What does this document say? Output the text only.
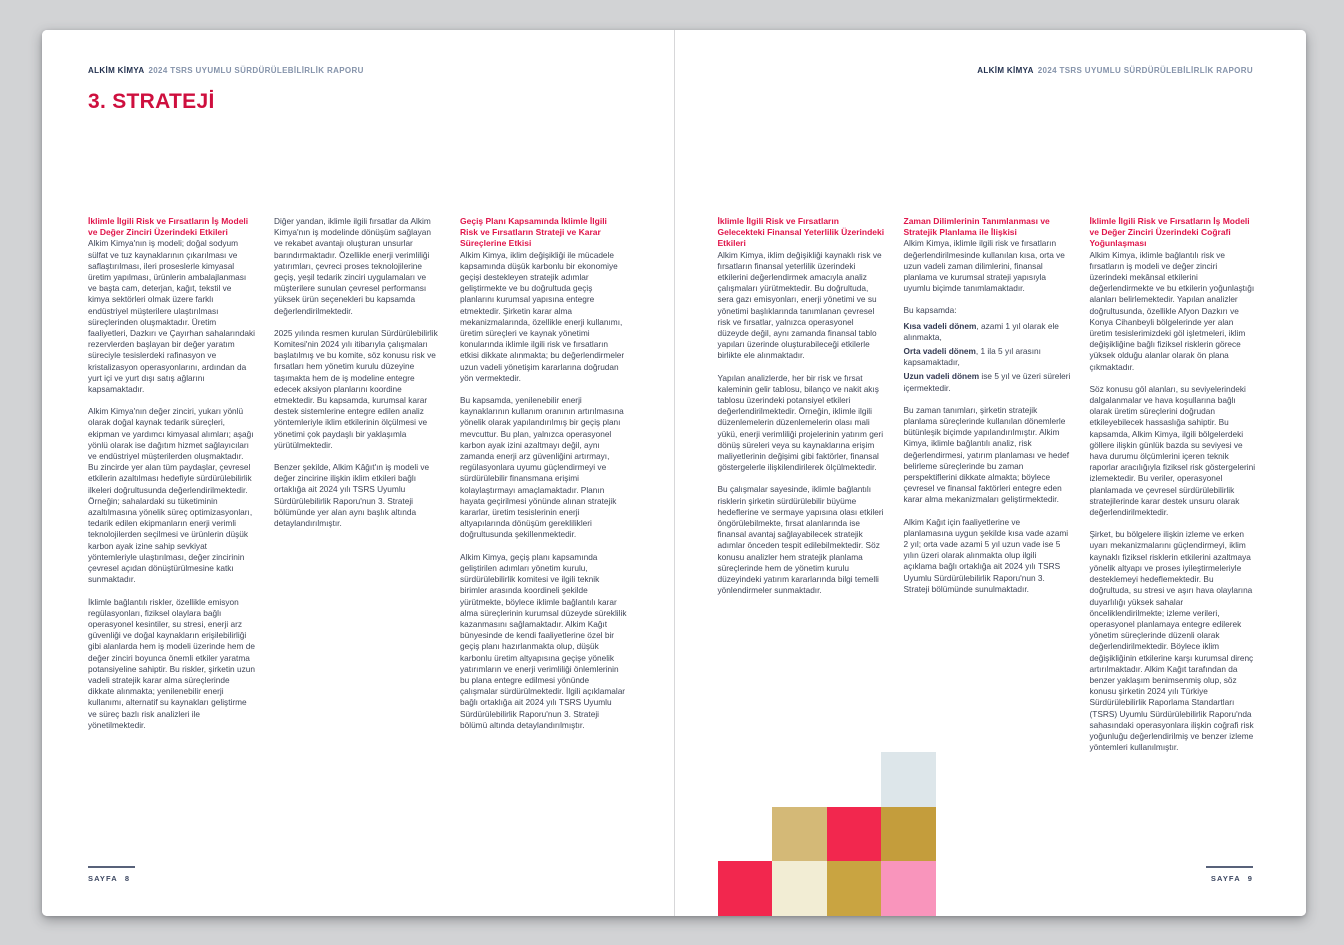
ALKİM KİMYA 2024 TSRS UYUMLU SÜRDÜRÜLEBİLİRLİK RAPORU
3. STRATEJİ
İklimle İlgili Risk ve Fırsatların İş Modeli ve Değer Zinciri Üzerindeki Etkileri

Alkim Kimya'nın iş modeli; doğal sodyum sülfat ve tuz kaynaklarının çıkarılması ve saflaştırılması, ileri proseslerle kimyasal üretim yapılması, ürünlerin ambalajlanması ve başta cam, deterjan, kağıt, tekstil ve kimya sektörleri olmak üzere farklı endüstriyel müşterilere ulaştırılması süreçlerinden oluşmaktadır. Üretim faaliyetleri, Dazkırı ve Çayırhan sahalarındaki rezervlerden başlayan bir değer yaratım süreciyle tesislerdeki rafinasyon ve kristalizasyon operasyonlarını, ardından da yurt içi ve yurt dışı satış ağlarını kapsamaktadır.

Alkim Kimya'nın değer zinciri, yukarı yönlü olarak doğal kaynak tedarik süreçleri, ekipman ve yardımcı kimyasal alımları; aşağı yönlü olarak ise dağıtım hizmet sağlayıcıları ve endüstriyel müşterilerden oluşmaktadır. Bu zincirde yer alan tüm paydaşlar, çevresel etkilerin azaltılması hedefiyle sürdürülebilirlik ilkeleri doğrultusunda değerlendirilmektedir. Örneğin; sahalardaki su tüketiminin azaltılmasına yönelik süreç optimizasyonları, tedarik edilen ekipmanların enerji verimli teknolojilerden seçilmesi ve ürünlerin düşük karbon ayak izine sahip sevkiyat yöntemleriyle ulaştırılması, değer zincirinin çevresel açıdan dönüştürülmesine katkı sunmaktadır.

İklimle bağlantılı riskler, özellikle emisyon regülasyonları, fiziksel olaylara bağlı operasyonel kesintiler, su stresi, enerji arz güvenliği ve doğal kaynakların erişilebilirliği gibi alanlarda hem iş modeli üzerinde hem de değer zinciri boyunca önemli etkiler yaratma potansiyeline sahiptir. Bu riskler, şirketin uzun vadeli stratejik karar alma süreçlerinde dikkate alınmakta; yenilenebilir enerji kullanımı, alternatif su kaynakları geliştirme ve süreç bazlı risk analizleri ile yönetilmektedir.

Diğer yandan, iklimle ilgili fırsatlar da Alkim Kimya'nın iş modelinde dönüşüm sağlayan ve rekabet avantajı oluşturan unsurlar barındırmaktadır. Özellikle enerji verimliliği yatırımları, çevreci proses teknolojilerine geçiş, yeşil tedarik zinciri uygulamaları ve müşterilere sunulan çevresel performansı yüksek ürün seçenekleri bu kapsamda değerlendirilmektedir.

2025 yılında resmen kurulan Sürdürülebilirlik Komitesi'nin 2024 yılı itibarıyla çalışmaları başlatılmış ve bu komite, söz konusu risk ve fırsatları hem yönetim kurulu düzeyine taşımakta hem de iş modeline entegre edecek aksiyon planlarını koordine etmektedir. Bu kapsamda, kurumsal karar destek sistemlerine entegre edilen analiz yöntemleriyle iklim etkilerinin ölçülmesi ve yönetimi çok paydaşlı bir yaklaşımla yürütülmektedir.

Benzer şekilde, Alkim Kâğıt'ın iş modeli ve değer zincirine ilişkin iklim etkileri bağlı ortaklığa ait 2024 yılı TSRS Uyumlu Sürdürülebilirlik Raporu'nun 3. Strateji bölümünde yer alan aynı başlık altında detaylandırılmıştır.

Geçiş Planı Kapsamında İklimle İlgili Risk ve Fırsatların Strateji ve Karar Süreçlerine Etkisi

Alkim Kimya, iklim değişikliği ile mücadele kapsamında düşük karbonlu bir ekonomiye geçişi destekleyen stratejik adımlar geliştirmekte ve bu doğrultuda geçiş planlarını kurumsal yapısına entegre etmektedir. Şirketin karar alma mekanizmalarında, özellikle enerji kullanımı, üretim süreçleri ve kaynak yönetimi konularında iklimle ilgili risk ve fırsatların etkisi dikkate alınmakta; bu değerlendirmeler uzun vadeli yönetişim kararlarına doğrudan yön vermektedir.

Bu kapsamda, yenilenebilir enerji kaynaklarının kullanım oranının artırılmasına yönelik olarak yapılandırılmış bir geçiş planı mevcuttur. Bu plan, yalnızca operasyonel karbon ayak izini azaltmayı değil, aynı zamanda enerji arz güvenliğini artırmayı, regülasyonlara uyumu güçlendirmeyi ve sürdürülebilir finansmana erişimi kolaylaştırmayı amaçlamaktadır. Planın hayata geçirilmesi yönünde alınan stratejik kararlar, üretim tesislerinin enerji altyapılarında dönüşüm gereklilikleri doğrultusunda şekillenmektedir.

Alkim Kimya, geçiş planı kapsamında geliştirilen adımları yönetim kurulu, sürdürülebilirlik komitesi ve ilgili teknik birimler arasında koordineli şekilde yürütmekte, böylece iklimle bağlantılı karar alma süreçlerinin kurumsal düzeyde süreklilik kazanmasını sağlamaktadır. Alkim Kağıt bünyesinde de kendi faaliyetlerine özel bir geçiş planı hazırlanmakta olup, düşük karbonlu üretim altyapısına geçişe yönelik yatırımların ve enerji verimliliği önlemlerinin bu plana entegre edilmesi yönünde çalışmalar sürdürülmektedir. İlgili açıklamalar bağlı ortaklığa ait 2024 yılı TSRS Uyumlu Sürdürülebilirlik Raporu'nun 3. Strateji bölümü altında detaylandırılmıştır.

SAYFA 8
ALKİM KİMYA 2024 TSRS UYUMLU SÜRDÜRÜLEBİLİRLİK RAPORU
İklimle İlgili Risk ve Fırsatların Gelecekteki Finansal Yeterlilik Üzerindeki Etkileri

Alkim Kimya, iklim değişikliği kaynaklı risk ve fırsatların finansal yeterlilik üzerindeki etkilerini değerlendirmek amacıyla analiz çalışmaları yürütmektedir. Bu doğrultuda, sera gazı emisyonları, enerji yönetimi ve su yönetimi başlıklarında tanımlanan çevresel risk ve fırsatlar, yalnızca operasyonel düzeyde değil, aynı zamanda finansal tablo yapıları üzerinde oluşturabileceği etkilerle birlikte ele alınmaktadır.

Yapılan analizlerde, her bir risk ve fırsat kaleminin gelir tablosu, bilanço ve nakit akış tablosu üzerindeki potansiyel etkileri değerlendirilmektedir. Örneğin, iklimle ilgili düzenlemelerin düzenlemelerin olası mali yükü, enerji verimliliği projelerinin yatırım geri dönüş süreleri veya su kaynaklarına erişim maliyetlerinin değişimi gibi faktörler, finansal göstergelerle ilişkilendirilerek ölçülmektedir.

Bu çalışmalar sayesinde, iklimle bağlantılı risklerin şirketin sürdürülebilir büyüme hedeflerine ve sermaye yapısına olası etkileri öngörülebilmekte, fırsat alanlarında ise finansal avantaj sağlayabilecek stratejik adımlar önceden tespit edilebilmektedir. Söz konusu analizler hem stratejik planlama süreçlerinde hem de yönetim kurulu düzeyindeki yatırım kararlarında bilgi temelli yönlendirmeler sunmaktadır.

Zaman Dilimlerinin Tanımlanması ve Stratejik Planlama ile İlişkisi

Alkim Kimya, iklimle ilgili risk ve fırsatların değerlendirilmesinde kullanılan kısa, orta ve uzun vadeli zaman dilimlerini, finansal planlama ve kurumsal strateji yapısıyla uyumlu biçimde tanımlamaktadır.

Bu kapsamda:

Kısa vadeli dönem, azami 1 yıl olarak ele alınmakta,

Orta vadeli dönem, 1 ila 5 yıl arasını kapsamaktadır,

Uzun vadeli dönem ise 5 yıl ve üzeri süreleri içermektedir.

Bu zaman tanımları, şirketin stratejik planlama süreçlerinde kullanılan dönemlerle bütünleşik biçimde yapılandırılmıştır. Alkim Kimya, iklimle bağlantılı analiz, risk değerlendirmesi, yatırım planlaması ve hedef belirleme süreçlerinde bu zaman perspektiflerini dikkate almakta; böylece çevresel ve finansal faktörleri entegre eden karar alma mekanizmaları geliştirmektedir.

Alkim Kağıt için faaliyetlerine ve planlamasına uygun şekilde kısa vade azami 2 yıl; orta vade azami 5 yıl uzun vade ise 5 yılın üzeri olarak alınmakta olup ilgili açıklama bağlı ortaklığa ait 2024 yılı TSRS Uyumlu Sürdürülebilirlik Raporu'nun 3. Strateji bölümünde sunulmaktadır.

İklimle İlgili Risk ve Fırsatların İş Modeli ve Değer Zinciri Üzerindeki Coğrafi Yoğunlaşması

Alkim Kimya, iklimle bağlantılı risk ve fırsatların iş modeli ve değer zinciri üzerindeki mekânsal etkilerini değerlendirmekte ve bu etkilerin yoğunlaştığı alanları belirlemektedir. Yapılan analizler doğrultusunda, özellikle Afyon Dazkırı ve Konya Cihanbeyli bölgelerinde yer alan üretim tesislerimizdeki göl işletmeleri, iklim değişikliğine bağlı fiziksel risklerin görece yüksek olduğu alanlar olarak ön plana çıkmaktadır.

Söz konusu göl alanları, su seviyelerindeki dalgalanmalar ve hava koşullarına bağlı olarak üretim süreçlerini doğrudan etkileyebilecek hassaslığa sahiptir. Bu kapsamda, Alkim Kimya, ilgili bölgelerdeki göllere ilişkin günlük bazda su seviyesi ve hava durumu ölçümlerini içeren teknik raporlar aracılığıyla fiziksel risk göstergelerini izlemektedir. Bu veriler, operasyonel planlamada ve çevresel sürdürülebilirlik stratejilerinde karar destek unsuru olarak değerlendirilmektedir.

Şirket, bu bölgelere ilişkin izleme ve erken uyarı mekanizmalarını güçlendirmeyi, iklim kaynaklı fiziksel risklerin etkilerini azaltmaya yönelik altyapı ve proses iyileştirmeleriyle desteklemeyi hedeflemektedir. Bu doğrultuda, su stresi ve aşırı hava olaylarına duyarlılığı yüksek sahalar önceliklendirilmekte; izleme verileri, operasyonel planlamaya entegre edilerek yönetim süreçlerinde düzenli olarak değerlendirilmektedir. Böylece iklim değişikliğinin etkilerine karşı kurumsal direnç artırılmaktadır. Alkim Kağıt tarafından da benzer yaklaşım benimsenmiş olup, söz konusu şirketin 2024 yılı Türkiye Sürdürülebilirlik Raporlama Standartları (TSRS) Uyumlu Sürdürülebilirlik Raporu'nda sahasındaki operasyonlara ilişkin coğrafi risk yoğunluğu değerlendirilmiş ve benzer izleme yöntemleri kullanılmıştır.

SAYFA 9
